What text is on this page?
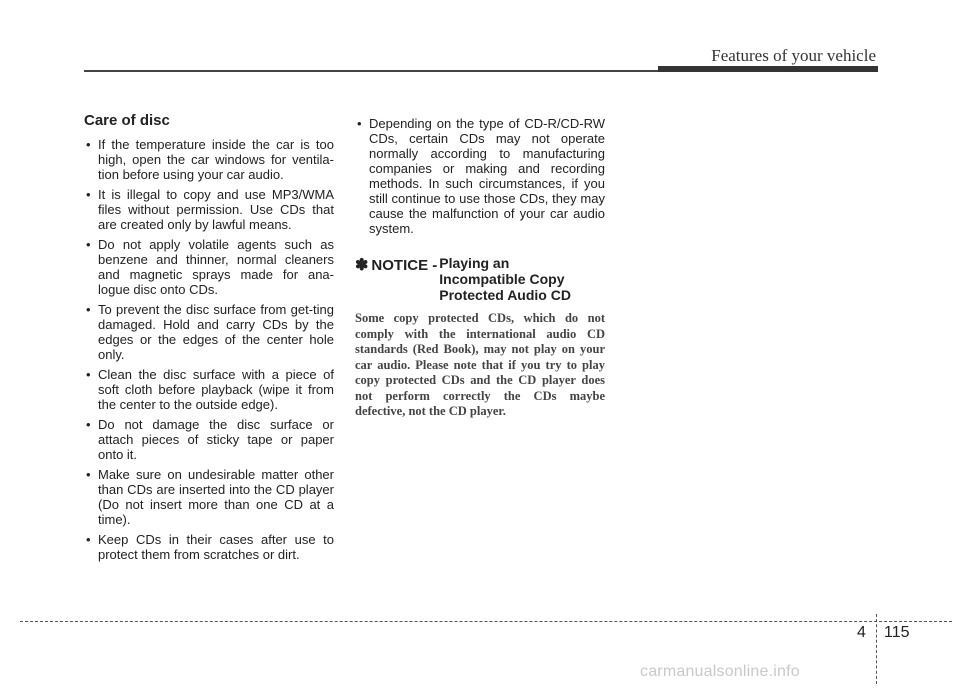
Features of your vehicle
Care of disc
• If the temperature inside the car is too high, open the car windows for ventila-tion before using your car audio.
• It is illegal to copy and use MP3/WMA files without permission. Use CDs that are created only by lawful means.
• Do not apply volatile agents such as benzene and thinner, normal cleaners and magnetic sprays made for ana-logue disc onto CDs.
• To prevent the disc surface from get-ting damaged. Hold and carry CDs by the edges or the edges of the center hole only.
• Clean the disc surface with a piece of soft cloth before playback (wipe it from the center to the outside edge).
• Do not damage the disc surface or attach pieces of sticky tape or paper onto it.
• Make sure on undesirable matter other than CDs are inserted into the CD player (Do not insert more than one CD at a time).
• Keep CDs in their cases after use to protect them from scratches or dirt.
• Depending on the type of CD-R/CD-RW CDs, certain CDs may not operate normally according to manufacturing companies or making and recording methods. In such circumstances, if you still continue to use those CDs, they may cause the malfunction of your car audio system.
✽ NOTICE - Playing an
Incompatible Copy
Protected Audio CD
Some copy protected CDs, which do not comply with the international audio CD standards (Red Book), may not play on your car audio. Please note that if you try to play copy protected CDs and the CD player does not perform correctly the CDs maybe defective, not the CD player.
4 115
carmanualsonline.info
